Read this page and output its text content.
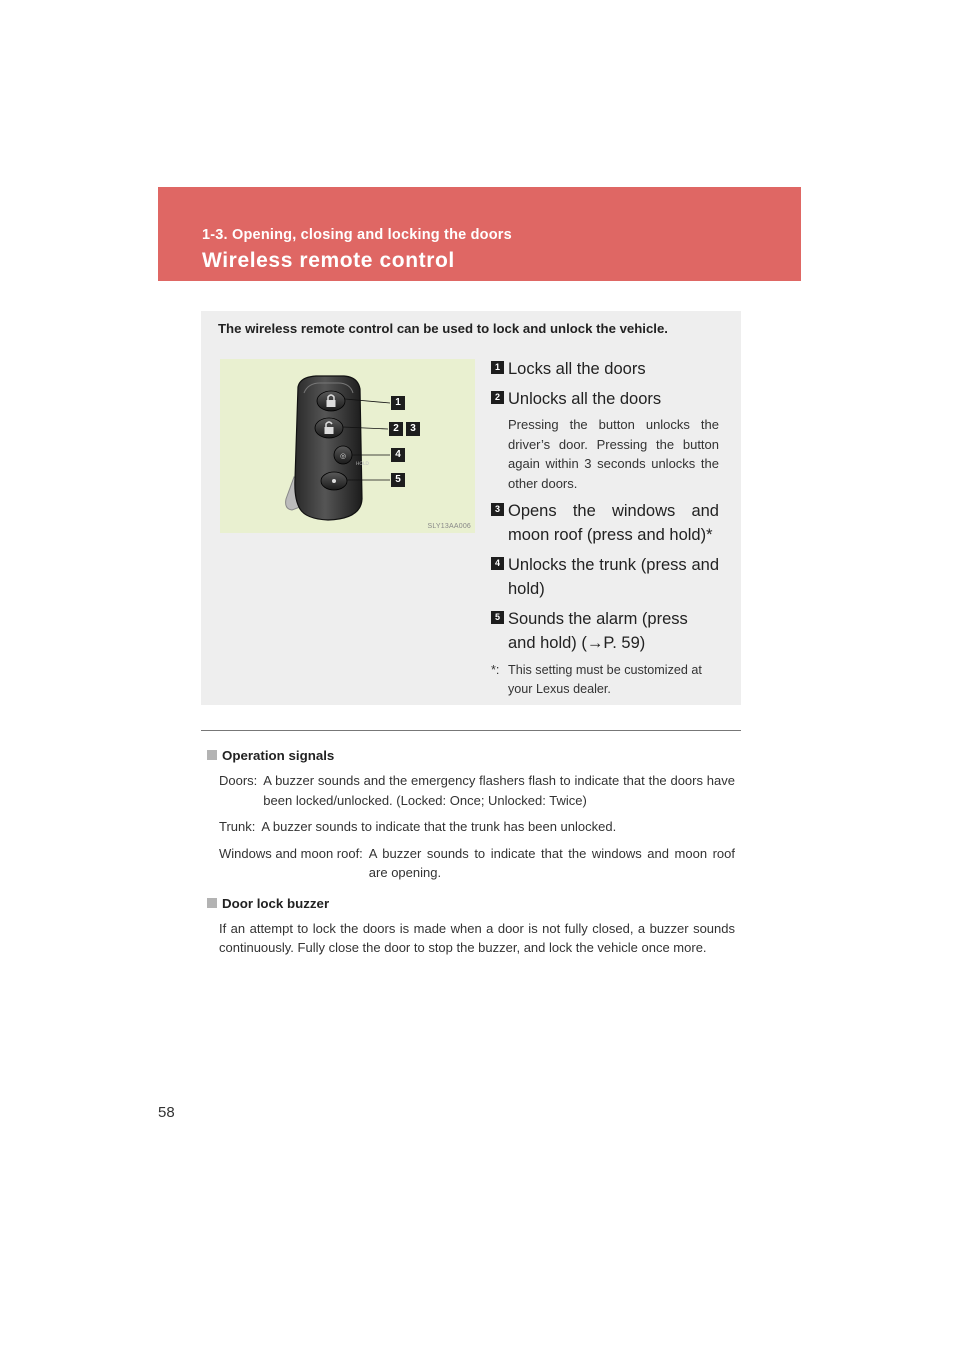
1-3. Opening, closing and locking the doors
Wireless remote control
The wireless remote control can be used to lock and unlock the vehicle.
◎
HOLD
1
2	3
4
5
SLY13AA006
1 Locks all the doors
2 Unlocks all the doors
Pressing the button unlocks the driver’s door. Pressing the button again within 3 seconds unlocks the other doors.
3 Opens the windows and moon roof (press and hold)*
4 Unlocks the trunk (press and hold)
5 Sounds the alarm (press and hold) (→P. 59)
*: This setting must be customized at your Lexus dealer.
Operation signals
Doors: A buzzer sounds and the emergency flashers flash to indicate that the doors have been locked/unlocked. (Locked: Once; Unlocked: Twice)
Trunk: A buzzer sounds to indicate that the trunk has been unlocked.
Windows and moon roof: A buzzer sounds to indicate that the windows and moon roof are opening.
Door lock buzzer
If an attempt to lock the doors is made when a door is not fully closed, a buzzer sounds continuously. Fully close the door to stop the buzzer, and lock the vehicle once more.
58
